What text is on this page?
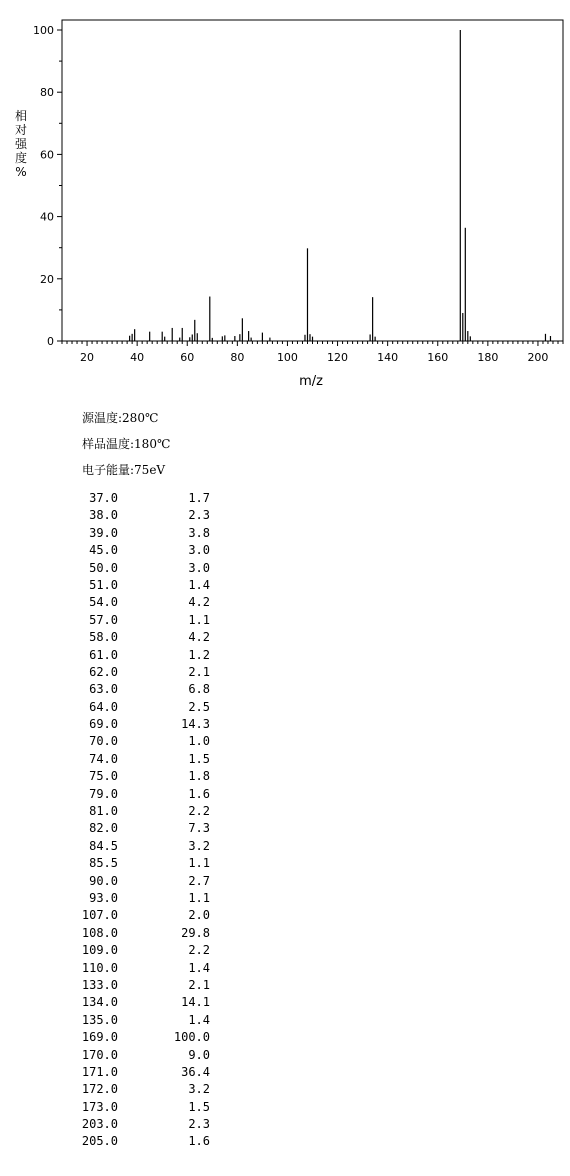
0
20
40
60
80
100
20	40	60	80	100	120	140	160	180	200
m/z
相
对
强
度
%
源温度:280℃
样品温度:180℃
电子能量:75eV
37.0	1.7
38.0	2.3
39.0	3.8
45.0	3.0
50.0	3.0
51.0	1.4
54.0	4.2
57.0	1.1
58.0	4.2
61.0	1.2
62.0	2.1
63.0	6.8
64.0	2.5
69.0	14.3
70.0	1.0
74.0	1.5
75.0	1.8
79.0	1.6
81.0	2.2
82.0	7.3
84.5	3.2
85.5	1.1
90.0	2.7
93.0	1.1
107.0	2.0
108.0	29.8
109.0	2.2
110.0	1.4
133.0	2.1
134.0	14.1
135.0	1.4
169.0	100.0
170.0	9.0
171.0	36.4
172.0	3.2
173.0	1.5
203.0	2.3
205.0	1.6
